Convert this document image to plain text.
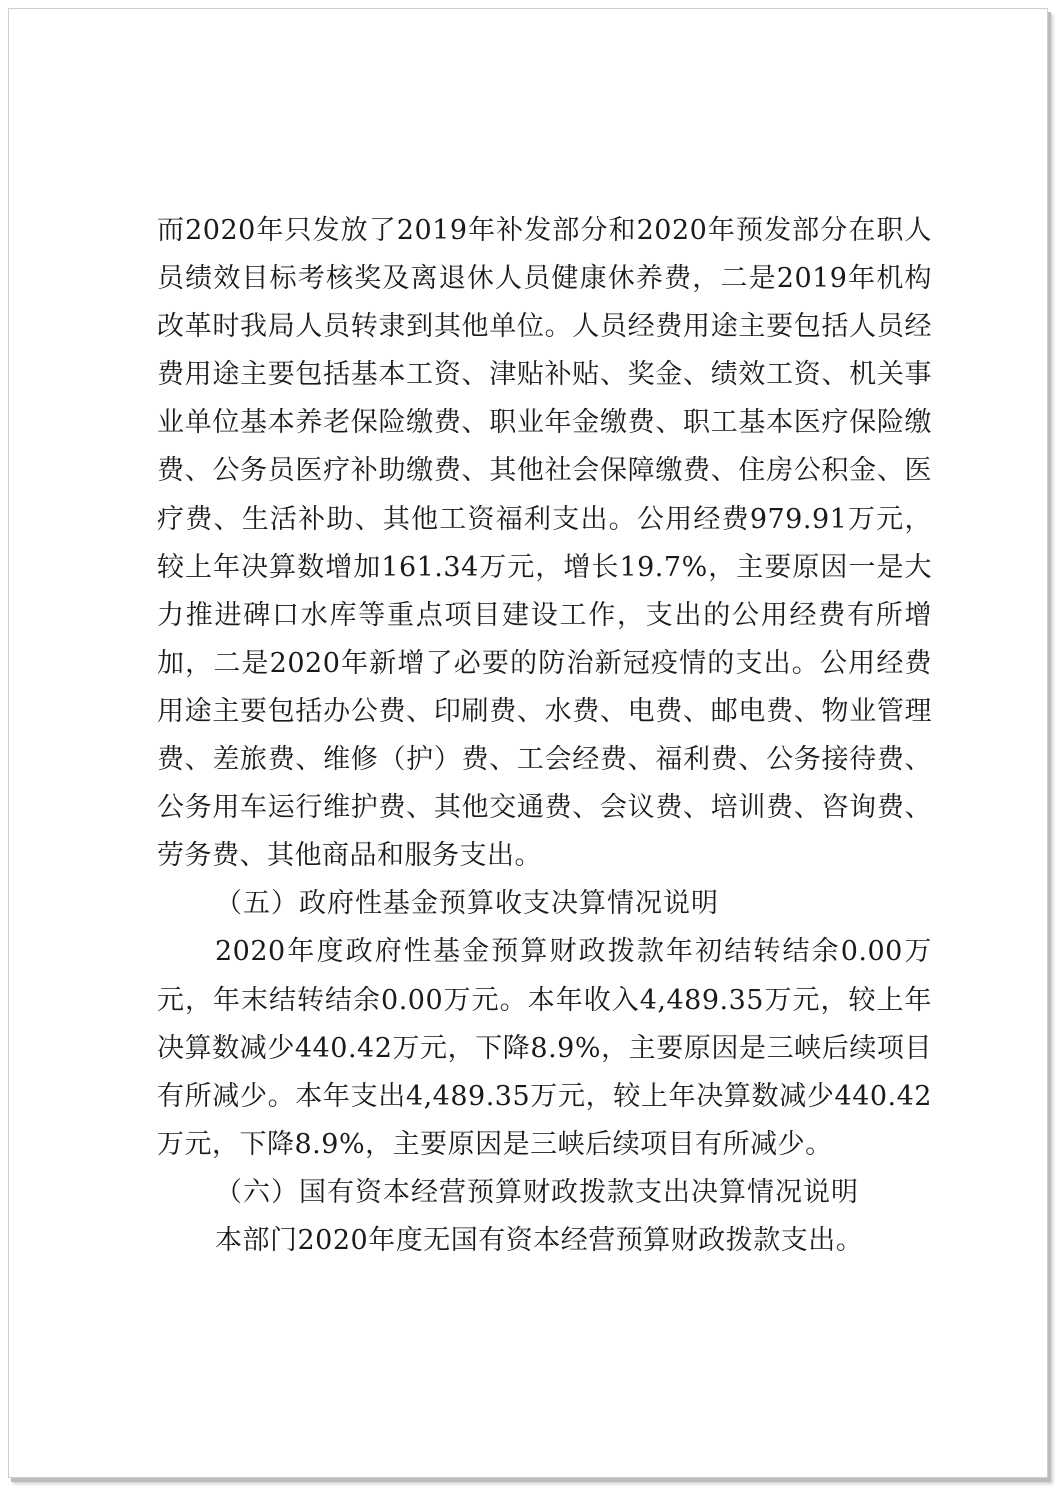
而2020年只发放了2019年补发部分和2020年预发部分在职人
员绩效目标考核奖及离退休人员健康休养费，二是2019年机构
改革时我局人员转隶到其他单位。人员经费用途主要包括人员经
费用途主要包括基本工资、津贴补贴、奖金、绩效工资、机关事
业单位基本养老保险缴费、职业年金缴费、职工基本医疗保险缴
费、公务员医疗补助缴费、其他社会保障缴费、住房公积金、医
疗费、生活补助、其他工资福利支出。公用经费979.91万元，
较上年决算数增加161.34万元，增长19.7%，主要原因一是大
力推进碑口水库等重点项目建设工作，支出的公用经费有所增
加，二是2020年新增了必要的防治新冠疫情的支出。公用经费
用途主要包括办公费、印刷费、水费、电费、邮电费、物业管理
费、差旅费、维修（护）费、工会经费、福利费、公务接待费、
公务用车运行维护费、其他交通费、会议费、培训费、咨询费、
劳务费、其他商品和服务支出。
（五）政府性基金预算收支决算情况说明
2020年度政府性基金预算财政拨款年初结转结余0.00万
元，年末结转结余0.00万元。本年收入4,489.35万元，较上年
决算数减少440.42万元，下降8.9%，主要原因是三峡后续项目
有所减少。本年支出4,489.35万元，较上年决算数减少440.42
万元，下降8.9%，主要原因是三峡后续项目有所减少。
（六）国有资本经营预算财政拨款支出决算情况说明
本部门2020年度无国有资本经营预算财政拨款支出。
